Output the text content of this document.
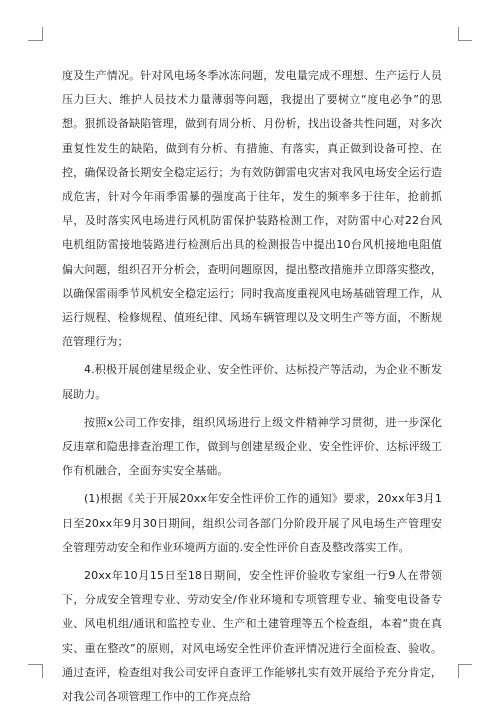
度及生产情况。针对风电场冬季冰冻问题，发电量完成不理想、生产运行人员压力巨大、维护人员技术力量薄弱等问题，我提出了要树立“度电必争”的思想。狠抓设备缺陷管理，做到有周分析、月份析，找出设备共性问题，对多次重复性发生的缺陷，做到有分析、有措施、有落实，真正做到设备可控、在控，确保设备长期安全稳定运行；为有效防御雷电灾害对我风电场安全运行造成危害，针对今年雨季雷暴的强度高于往年，发生的频率多于往年，抢前抓早，及时落实风电场进行风机防雷保护装路检测工作，对防雷中心对22台风电机组防雷接地装路进行检测后出具的检测报告中提出10台风机接地电阻值偏大问题，组织召开分析会，查明问题原因，提出整改措施并立即落实整改，以确保雷雨季节风机安全稳定运行；同时我高度重视风电场基础管理工作，从运行规程、检修规程、值班纪律、风场车辆管理以及文明生产等方面，不断规范管理行为；

4.积极开展创建星级企业、安全性评价、达标投产等活动，为企业不断发展助力。

按照x公司工作安排，组织风场进行上级文件精神学习贯彻，进一步深化反违章和隐患排查治理工作，做到与创建星级企业、安全性评价、达标评级工作有机融合，全面夯实安全基础。

(1)根据《关于开展20xx年安全性评价工作的通知》要求，20xx年3月1日至20xx年9月30日期间，组织公司各部门分阶段开展了风电场生产管理安全管理劳动安全和作业环境两方面的.安全性评价自查及整改落实工作。

20xx年10月15日至18日期间，安全性评价验收专家组一行9人在带领下，分成安全管理专业、劳动安全/作业环境和专项管理专业、输变电设备专业、风电机组/通讯和监控专业、生产和土建管理等五个检查组，本着“贵在真实、重在整改”的原则，对风电场安全性评价查评情况进行全面检查、验收。通过查评，检查组对我公司安评自查评工作能够扎实有效开展给予充分肯定，对我公司各项管理工作中的工作亮点给
